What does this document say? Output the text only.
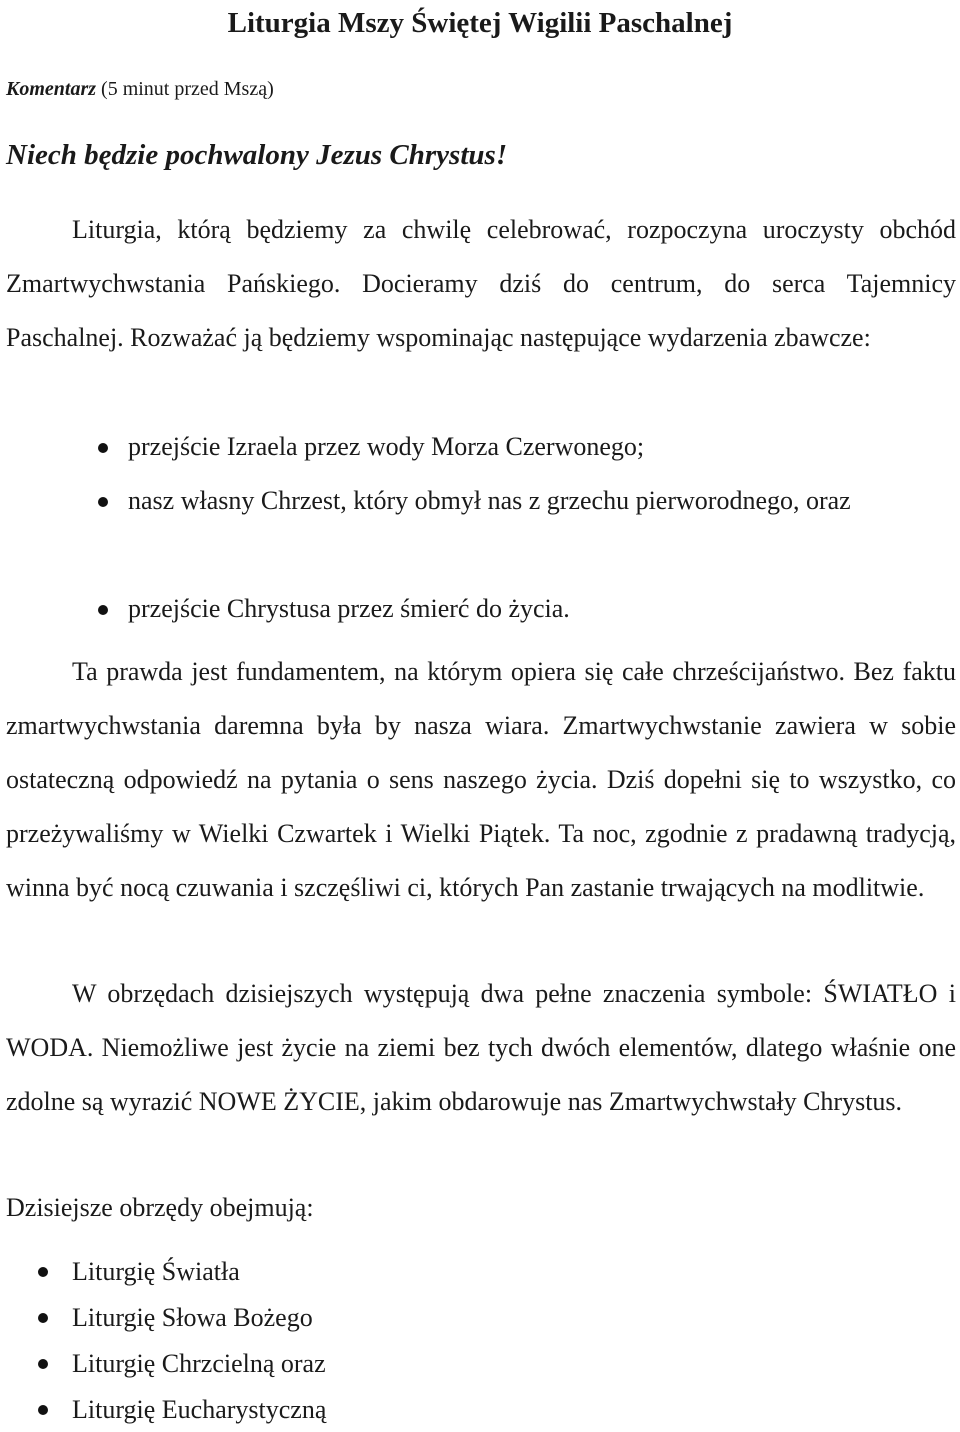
Liturgia Mszy Świętej Wigilii Paschalnej
Komentarz (5 minut przed Mszą)
Niech będzie pochwalony Jezus Chrystus!
Liturgia, którą będziemy za chwilę celebrować, rozpoczyna uroczysty obchód Zmartwychwstania Pańskiego. Docieramy dziś do centrum, do serca Tajemnicy Paschalnej. Rozważać ją będziemy wspominając następujące wydarzenia zbawcze:
przejście Izraela przez wody Morza Czerwonego;
nasz własny Chrzest, który obmył nas z grzechu pierworodnego, oraz
przejście Chrystusa przez śmierć do życia.
Ta prawda jest fundamentem, na którym opiera się całe chrześcijaństwo. Bez faktu zmartwychwstania daremna była by nasza wiara. Zmartwychwstanie zawiera w sobie ostateczną odpowiedź na pytania o sens naszego życia. Dziś dopełni się to wszystko, co przeżywaliśmy w Wielki Czwartek i Wielki Piątek. Ta noc, zgodnie z pradawną tradycją, winna być nocą czuwania i szczęśliwi ci, których Pan zastanie trwających na modlitwie.
W obrzędach dzisiejszych występują dwa pełne znaczenia symbole: ŚWIATŁO i WODA. Niemożliwe jest życie na ziemi bez tych dwóch elementów, dlatego właśnie one zdolne są wyrazić NOWE ŻYCIE, jakim obdarowuje nas Zmartwychwstały Chrystus.
Dzisiejsze obrzędy obejmują:
Liturgię Światła
Liturgię Słowa Bożego
Liturgię Chrzcielną oraz
Liturgię Eucharystyczną
